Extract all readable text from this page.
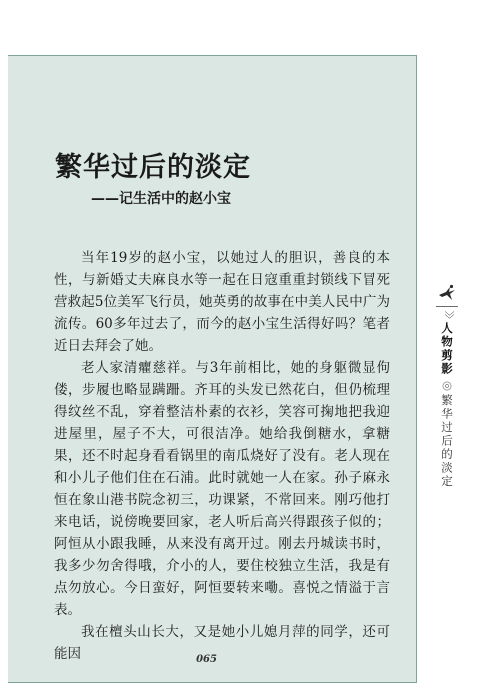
繁华过后的淡定
——记生活中的赵小宝

当年19岁的赵小宝，以她过人的胆识，善良的本性，与新婚丈夫麻良水等一起在日寇重重封锁线下冒死营救起5位美军飞行员，她英勇的故事在中美人民中广为流传。60多年过去了，而今的赵小宝生活得好吗？笔者近日去拜会了她。

老人家清癯慈祥。与3年前相比，她的身躯微显佝偻，步履也略显蹒跚。齐耳的头发已然花白，但仍梳理得纹丝不乱，穿着整洁朴素的衣衫，笑容可掬地把我迎进屋里，屋子不大，可很洁净。她给我倒糖水，拿糖果，还不时起身看看锅里的南瓜烧好了没有。老人现在和小儿子他们住在石浦。此时就她一人在家。孙子麻永恒在象山港书院念初三，功课紧，不常回来。刚巧他打来电话，说傍晚要回家，老人听后高兴得跟孩子似的；阿恒从小跟我睡，从来没有离开过。刚去丹城读书时，我多少勿舍得哦，介小的人，要住校独立生活，我是有点勿放心。今日蛮好，阿恒要转来嘞。喜悦之情溢于言表。

我在檀头山长大，又是她小儿媳月萍的同学，还可能因

〉〉人物剪影◎繁华过后的淡定
065
